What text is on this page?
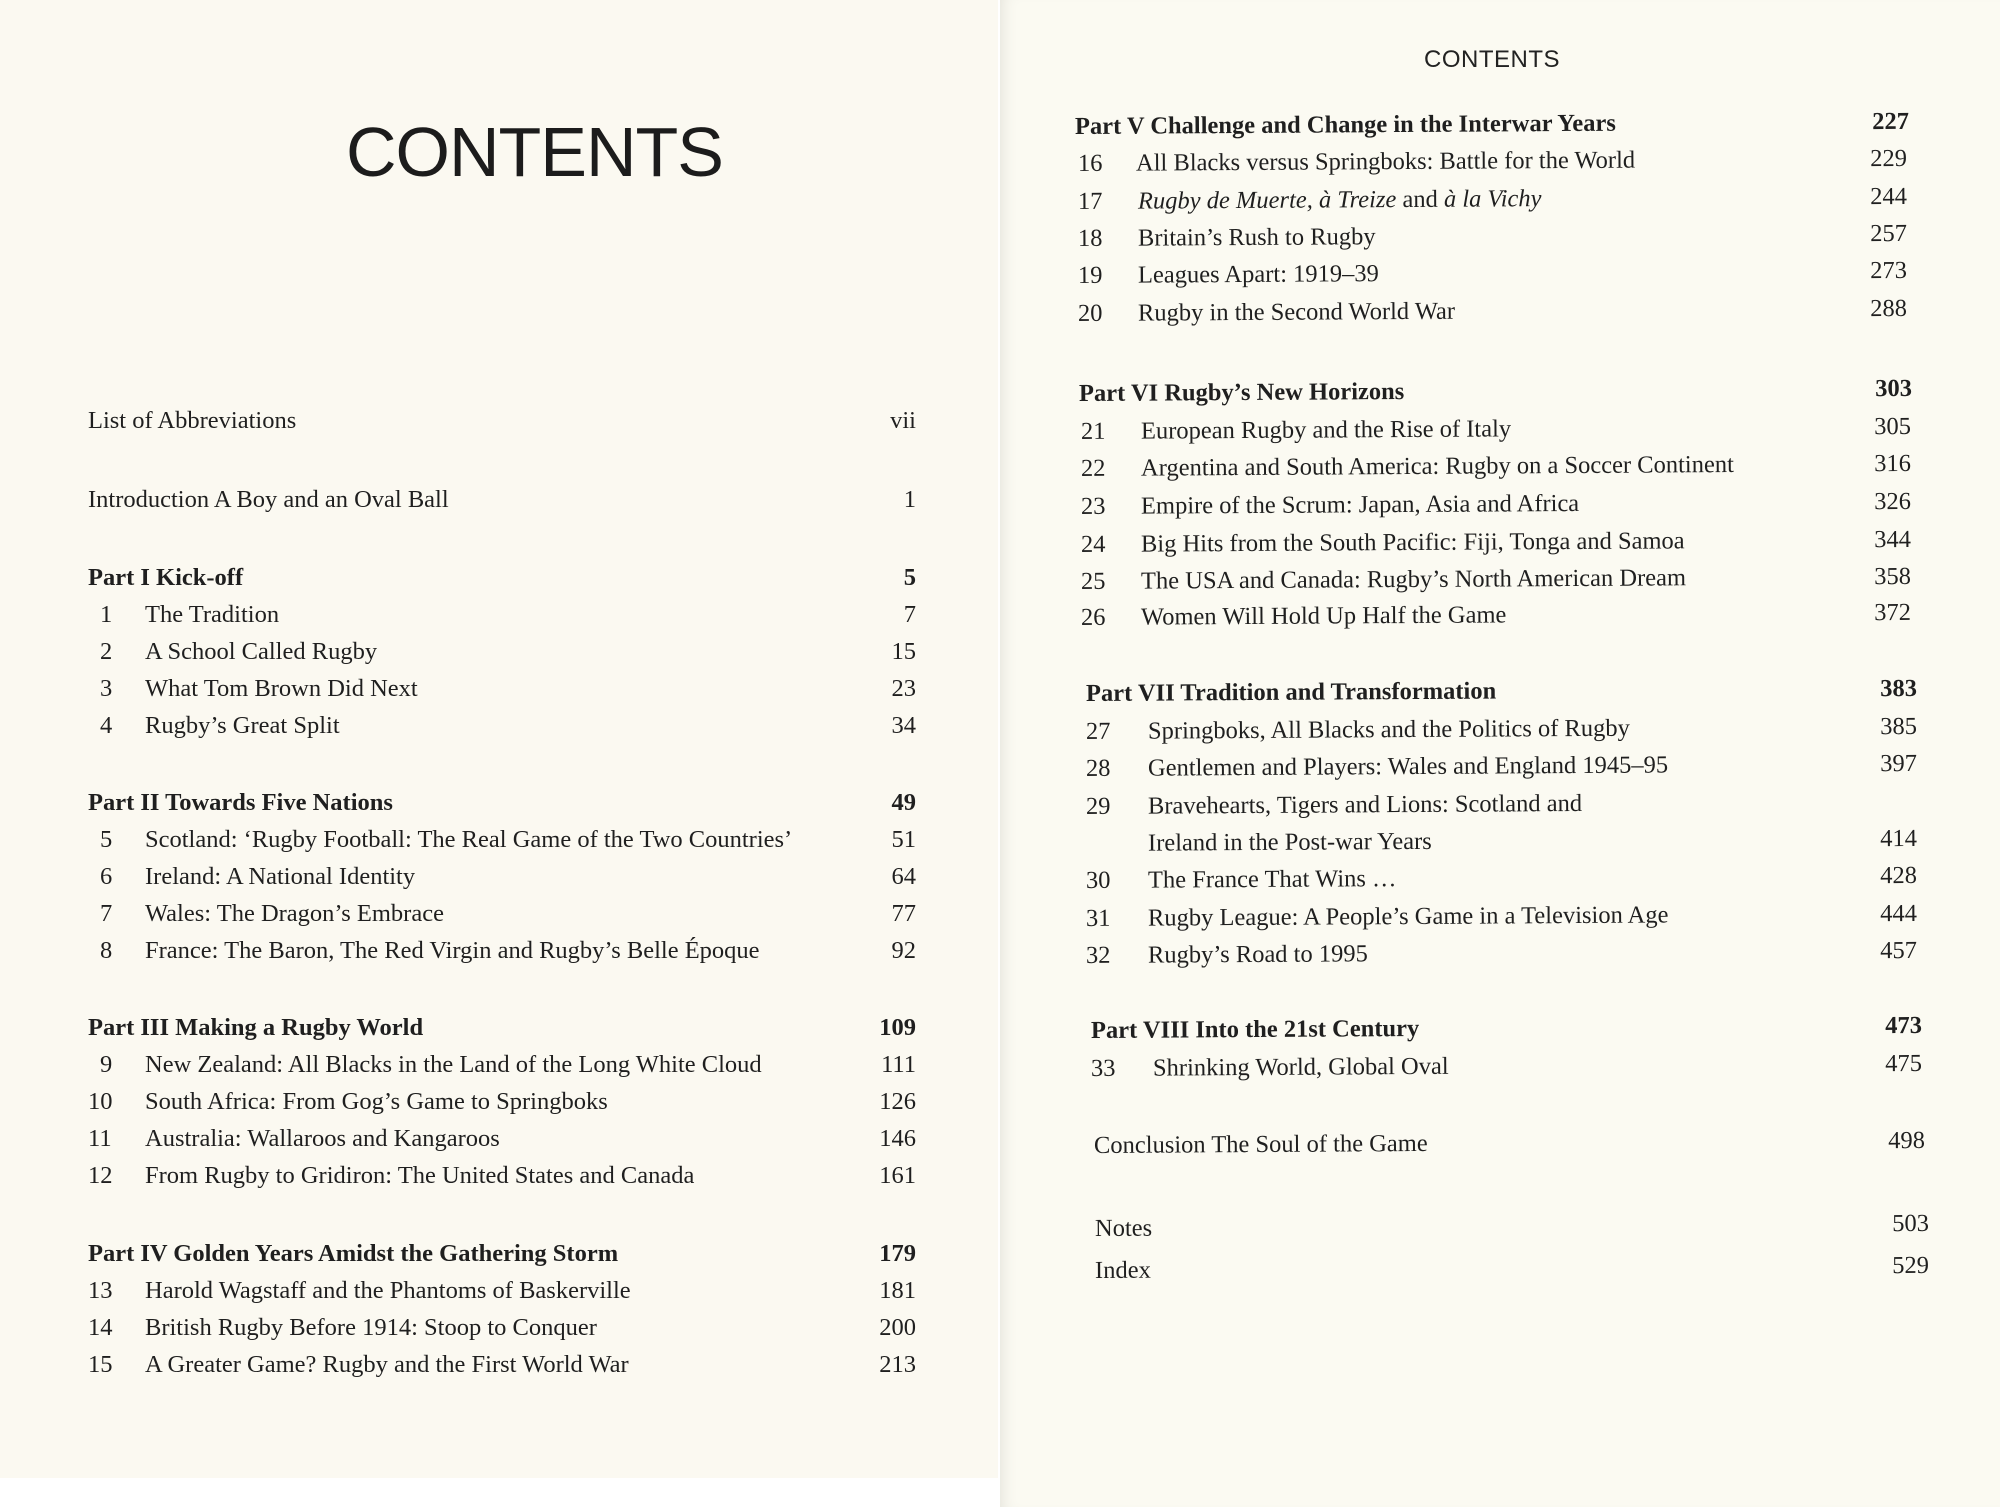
CONTENTS
List of Abbreviations	vii
Introduction A Boy and an Oval Ball	1
Part I Kick-off	5
1 The Tradition	7
2 A School Called Rugby	15
3 What Tom Brown Did Next	23
4 Rugby’s Great Split	34
Part II Towards Five Nations	49
5 Scotland: ‘Rugby Football: The Real Game of the Two Countries’	51
6 Ireland: A National Identity	64
7 Wales: The Dragon’s Embrace	77
8 France: The Baron, The Red Virgin and Rugby’s Belle Époque	92
Part III Making a Rugby World	109
9 New Zealand: All Blacks in the Land of the Long White Cloud	111
10 South Africa: From Gog’s Game to Springboks	126
11 Australia: Wallaroos and Kangaroos	146
12 From Rugby to Gridiron: The United States and Canada	161
Part IV Golden Years Amidst the Gathering Storm	179
13 Harold Wagstaff and the Phantoms of Baskerville	181
14 British Rugby Before 1914: Stoop to Conquer	200
15 A Greater Game? Rugby and the First World War	213
CONTENTS
Part V Challenge and Change in the Interwar Years	227
16 All Blacks versus Springboks: Battle for the World	229
17 Rugby de Muerte, à Treize and à la Vichy	244
18 Britain’s Rush to Rugby	257
19 Leagues Apart: 1919–39	273
20 Rugby in the Second World War	288
Part VI Rugby’s New Horizons	303
21 European Rugby and the Rise of Italy	305
22 Argentina and South America: Rugby on a Soccer Continent	316
23 Empire of the Scrum: Japan, Asia and Africa	326
24 Big Hits from the South Pacific: Fiji, Tonga and Samoa	344
25 The USA and Canada: Rugby’s North American Dream	358
26 Women Will Hold Up Half the Game	372
Part VII Tradition and Transformation	383
27 Springboks, All Blacks and the Politics of Rugby	385
28 Gentlemen and Players: Wales and England 1945–95	397
29 Bravehearts, Tigers and Lions: Scotland and
Ireland in the Post-war Years	414
30 The France That Wins …	428
31 Rugby League: A People’s Game in a Television Age	444
32 Rugby’s Road to 1995	457
Part VIII Into the 21st Century	473
33 Shrinking World, Global Oval	475
Conclusion The Soul of the Game	498
Notes	503
Index	529
